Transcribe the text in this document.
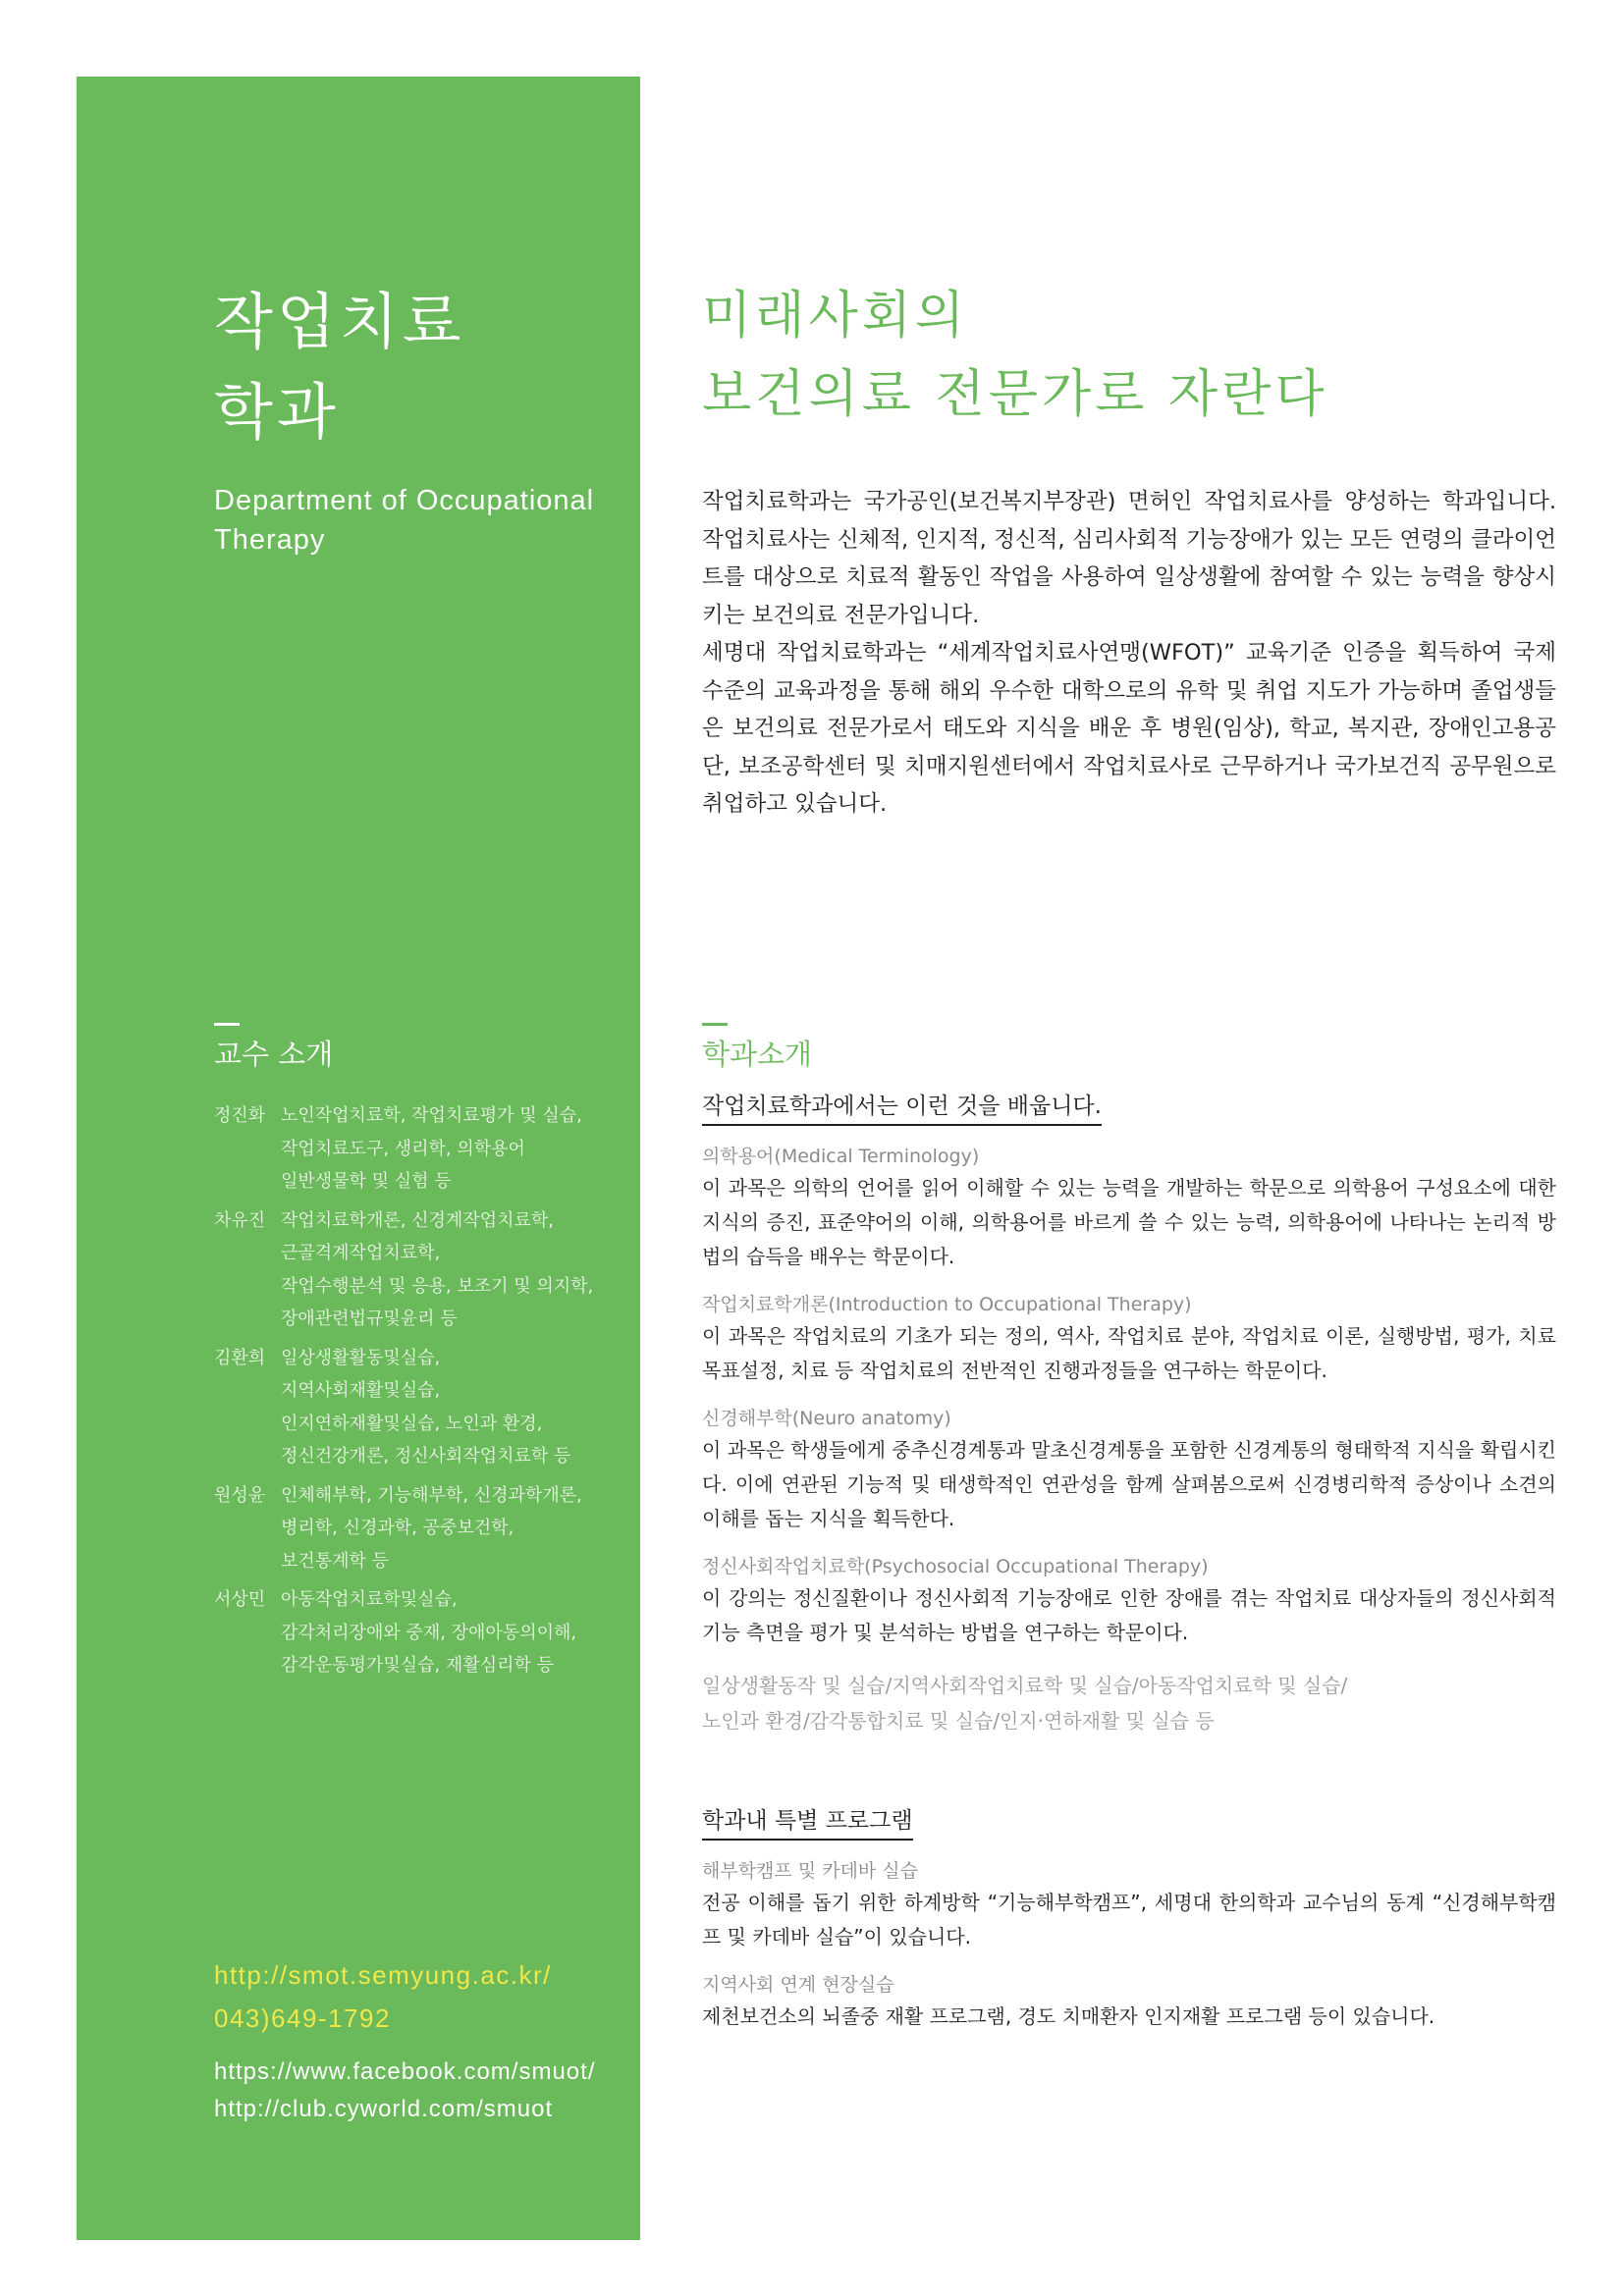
작업치료
학과
Department of Occupational
Therapy
미래사회의
보건의료 전문가로 자란다

작업치료학과는 국가공인(보건복지부장관) 면허인 작업치료사를 양성하는 학과입니다. 작업치료사는 신체적, 인지적, 정신적, 심리사회적 기능장애가 있는 모든 연령의 클라이언트를 대상으로 치료적 활동인 작업을 사용하여 일상생활에 참여할 수 있는 능력을 향상시키는 보건의료 전문가입니다.

세명대 작업치료학과는 “세계작업치료사연맹(WFOT)” 교육기준 인증을 획득하여 국제 수준의 교육과정을 통해 해외 우수한 대학으로의 유학 및 취업 지도가 가능하며 졸업생들은 보건의료 전문가로서 태도와 지식을 배운 후 병원(임상), 학교, 복지관, 장애인고용공단, 보조공학센터 및 치매지원센터에서 작업치료사로 근무하거나 국가보건직 공무원으로 취업하고 있습니다.

교수 소개
정진화 노인작업치료학, 작업치료평가 및 실습,
작업치료도구, 생리학, 의학용어
일반생물학 및 실험 등
차유진 작업치료학개론, 신경계작업치료학,
근골격계작업치료학,
작업수행분석 및 응용, 보조기 및 의지학,
장애관련법규및윤리 등
김환희 일상생활활동및실습,
지역사회재활및실습,
인지연하재활및실습, 노인과 환경,
정신건강개론, 정신사회작업치료학 등
원성윤 인체해부학, 기능해부학, 신경과학개론,
병리학, 신경과학, 공중보건학,
보건통계학 등
서상민 아동작업치료학및실습,
감각처리장애와 중재, 장애아동의이해,
감각운동평가및실습, 재활심리학 등
http://smot.semyung.ac.kr/
043)649-1792
https://www.facebook.com/smuot/
http://club.cyworld.com/smuot
학과소개
작업치료학과에서는 이런 것을 배웁니다.
의학용어(Medical Terminology)

이 과목은 의학의 언어를 읽어 이해할 수 있는 능력을 개발하는 학문으로 의학용어 구성요소에 대한 지식의 증진, 표준약어의 이해, 의학용어를 바르게 쓸 수 있는 능력, 의학용어에 나타나는 논리적 방법의 습득을 배우는 학문이다.

작업치료학개론(Introduction to Occupational Therapy)

이 과목은 작업치료의 기초가 되는 정의, 역사, 작업치료 분야, 작업치료 이론, 실행방법, 평가, 치료목표설정, 치료 등 작업치료의 전반적인 진행과정들을 연구하는 학문이다.

신경해부학(Neuro anatomy)

이 과목은 학생들에게 중추신경계통과 말초신경계통을 포함한 신경계통의 형태학적 지식을 확립시킨다. 이에 연관된 기능적 및 태생학적인 연관성을 함께 살펴봄으로써 신경병리학적 증상이나 소견의 이해를 돕는 지식을 획득한다.

정신사회작업치료학(Psychosocial Occupational Therapy)

이 강의는 정신질환이나 정신사회적 기능장애로 인한 장애를 겪는 작업치료 대상자들의 정신사회적 기능 측면을 평가 및 분석하는 방법을 연구하는 학문이다.

일상생활동작 및 실습/지역사회작업치료학 및 실습/아동작업치료학 및 실습/
노인과 환경/감각통합치료 및 실습/인지·연하재활 및 실습 등
학과내 특별 프로그램
해부학캠프 및 카데바 실습

전공 이해를 돕기 위한 하계방학 “기능해부학캠프”, 세명대 한의학과 교수님의 동계 “신경해부학캠프 및 카데바 실습”이 있습니다.

지역사회 연계 현장실습

제천보건소의 뇌졸중 재활 프로그램, 경도 치매환자 인지재활 프로그램 등이 있습니다.
